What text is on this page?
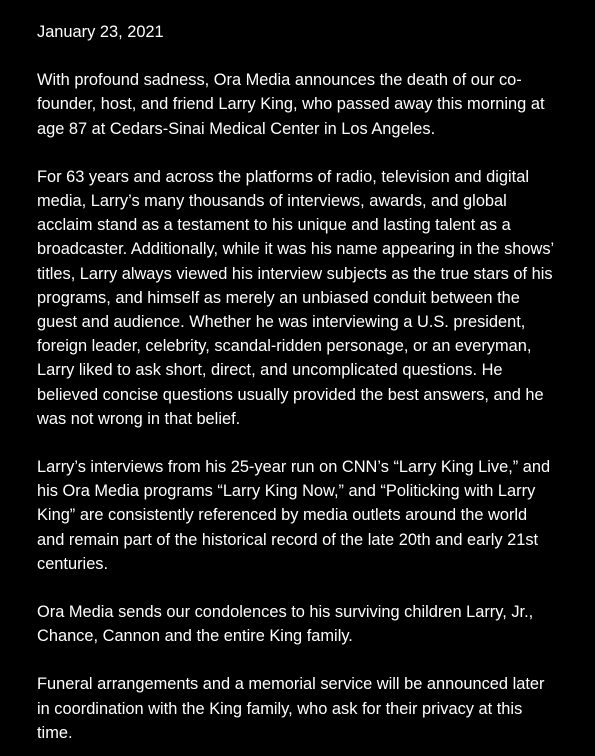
January 23, 2021

With profound sadness, Ora Media announces the death of our co-founder, host, and friend Larry King, who passed away this morning at age 87 at Cedars-Sinai Medical Center in Los Angeles.

For 63 years and across the platforms of radio, television and digital media, Larry’s many thousands of interviews, awards, and global acclaim stand as a testament to his unique and lasting talent as a broadcaster. Additionally, while it was his name appearing in the shows’ titles, Larry always viewed his interview subjects as the true stars of his programs, and himself as merely an unbiased conduit between the guest and audience. Whether he was interviewing a U.S. president, foreign leader, celebrity, scandal-ridden personage, or an everyman, Larry liked to ask short, direct, and uncomplicated questions. He believed concise questions usually provided the best answers, and he was not wrong in that belief.

Larry’s interviews from his 25-year run on CNN’s “Larry King Live,” and his Ora Media programs “Larry King Now,” and “Politicking with Larry King” are consistently referenced by media outlets around the world and remain part of the historical record of the late 20th and early 21st centuries.

Ora Media sends our condolences to his surviving children Larry, Jr., Chance, Cannon and the entire King family.

Funeral arrangements and a memorial service will be announced later in coordination with the King family, who ask for their privacy at this time.
